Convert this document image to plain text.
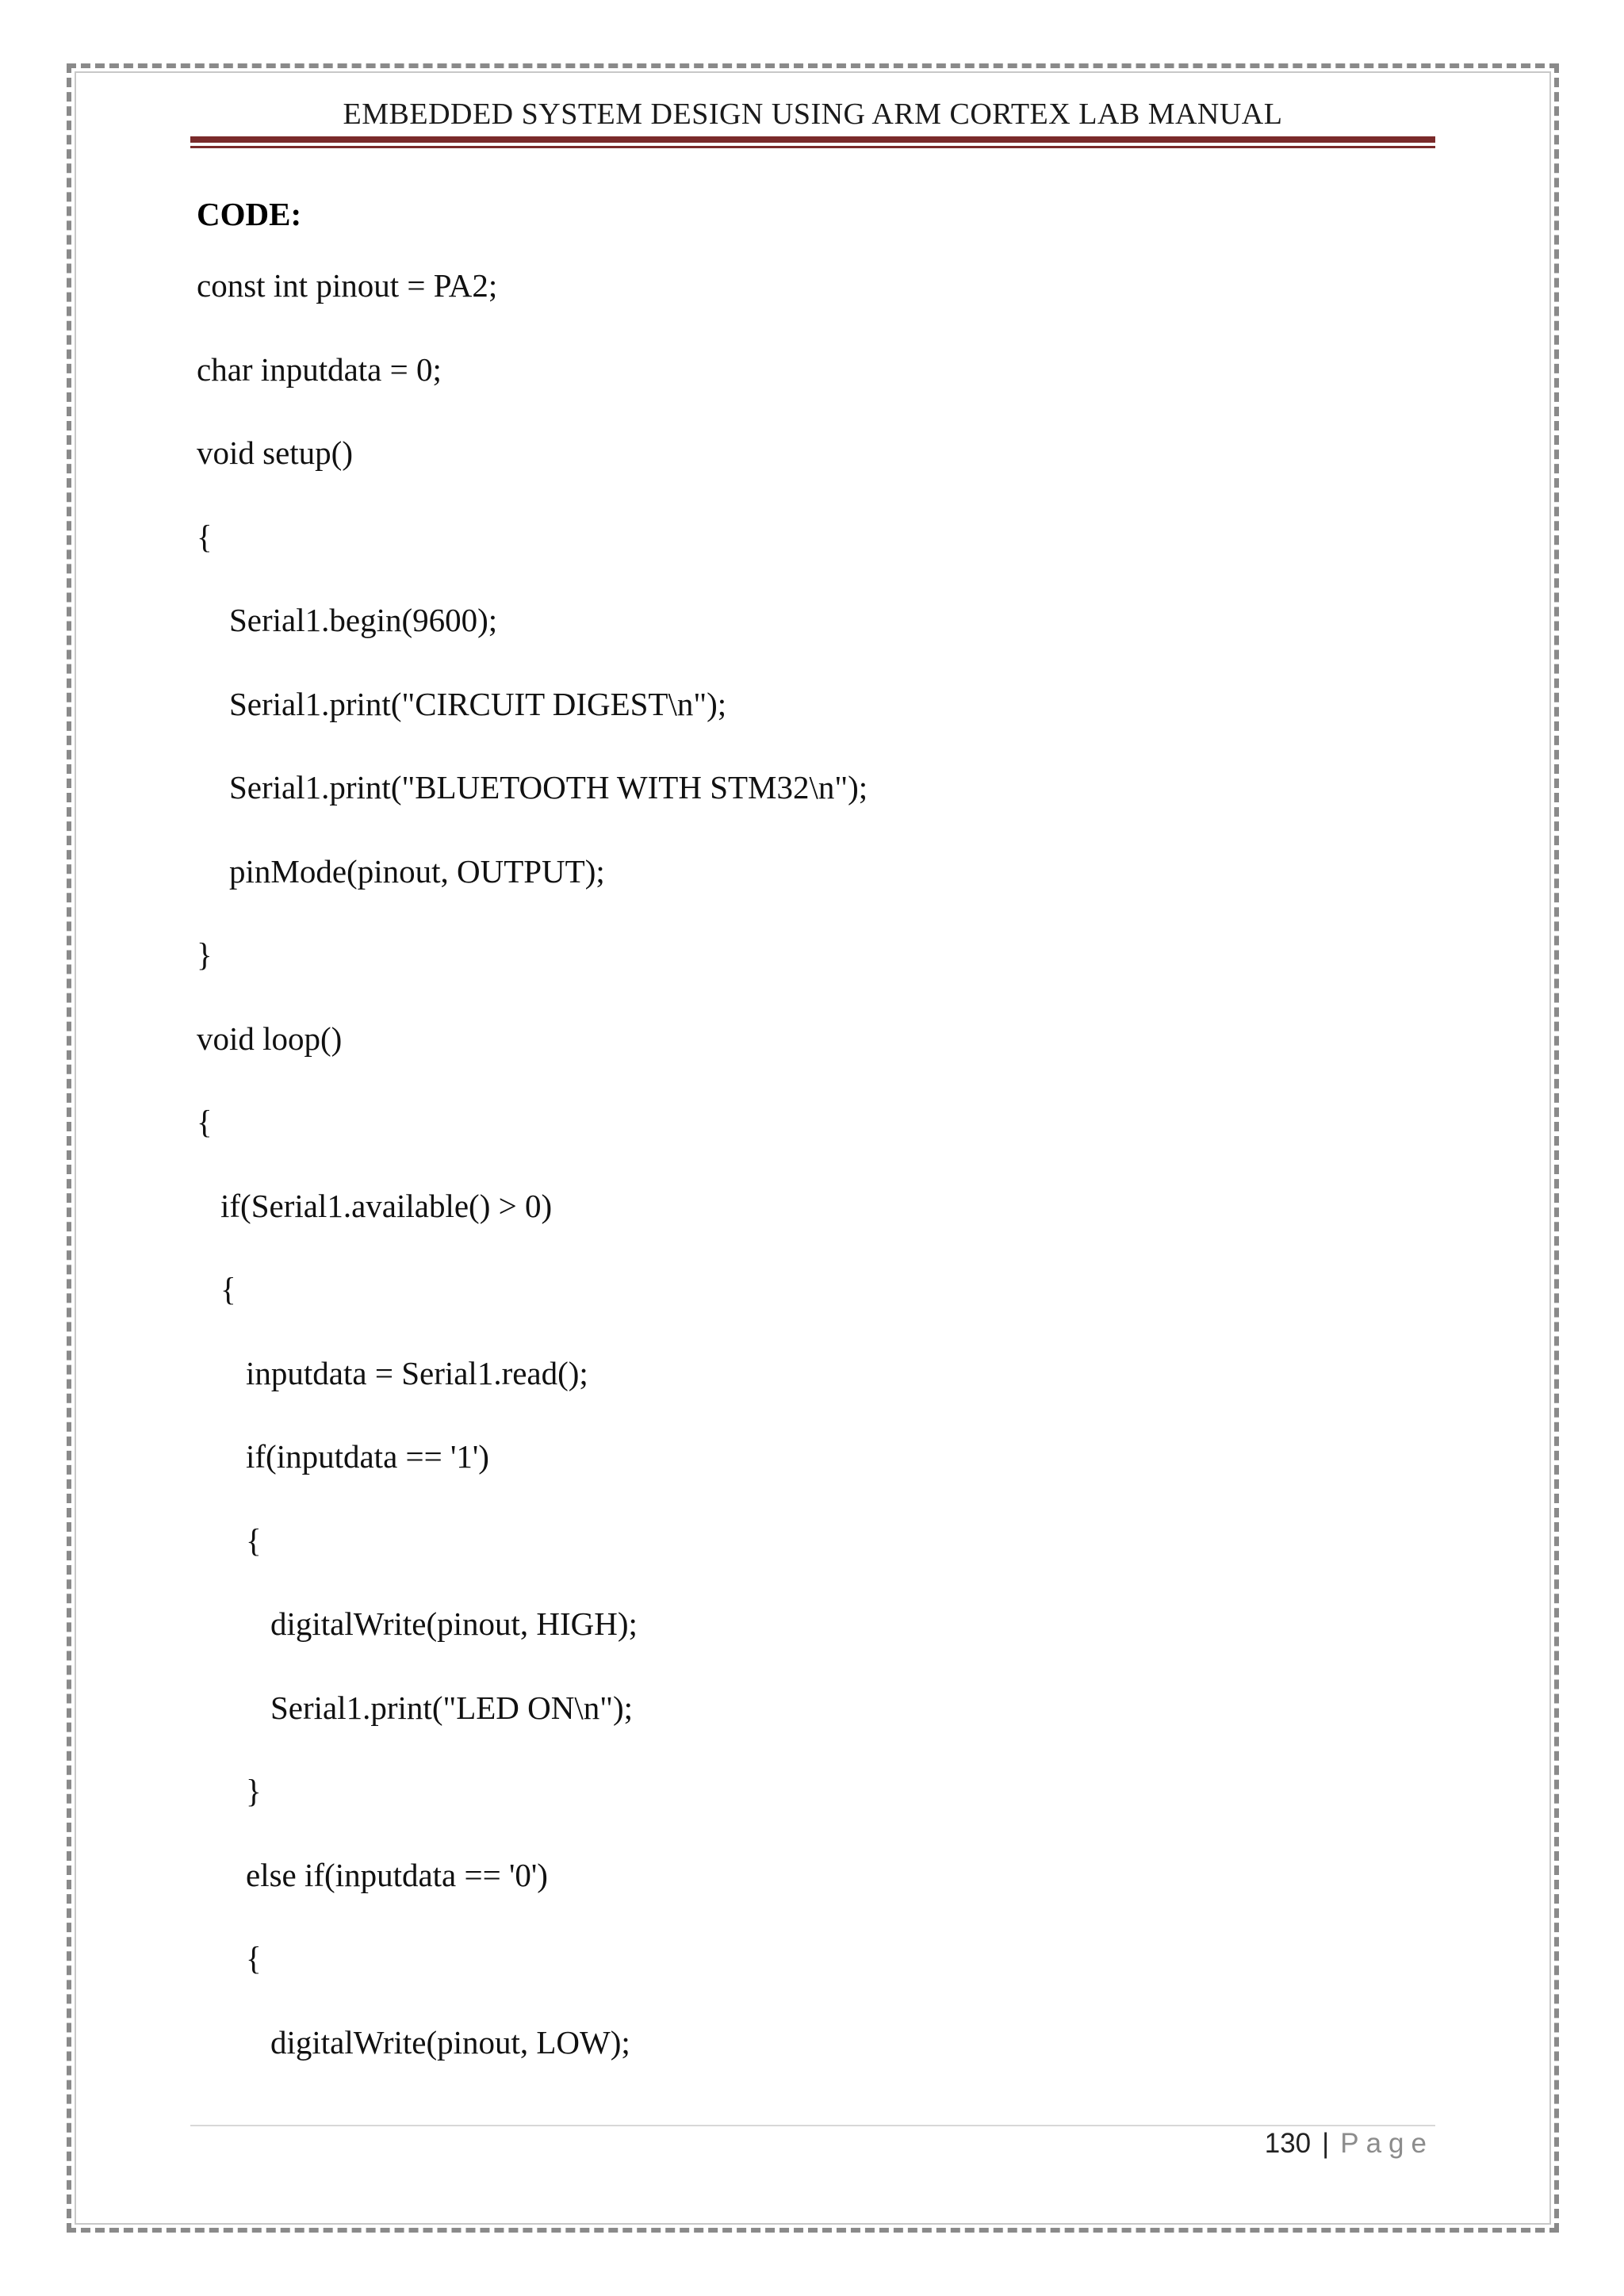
EMBEDDED SYSTEM DESIGN USING ARM CORTEX LAB MANUAL
CODE:
const int pinout = PA2;
char inputdata = 0;
void setup()
{
Serial1.begin(9600);
Serial1.print("CIRCUIT DIGEST\n");
Serial1.print("BLUETOOTH WITH STM32\n");
pinMode(pinout, OUTPUT);
}
void loop()
{
if(Serial1.available() > 0)
{
inputdata = Serial1.read();
if(inputdata == '1')
{
digitalWrite(pinout, HIGH);
Serial1.print("LED ON\n");
}
else if(inputdata == '0')
{
digitalWrite(pinout, LOW);
130 | Page
